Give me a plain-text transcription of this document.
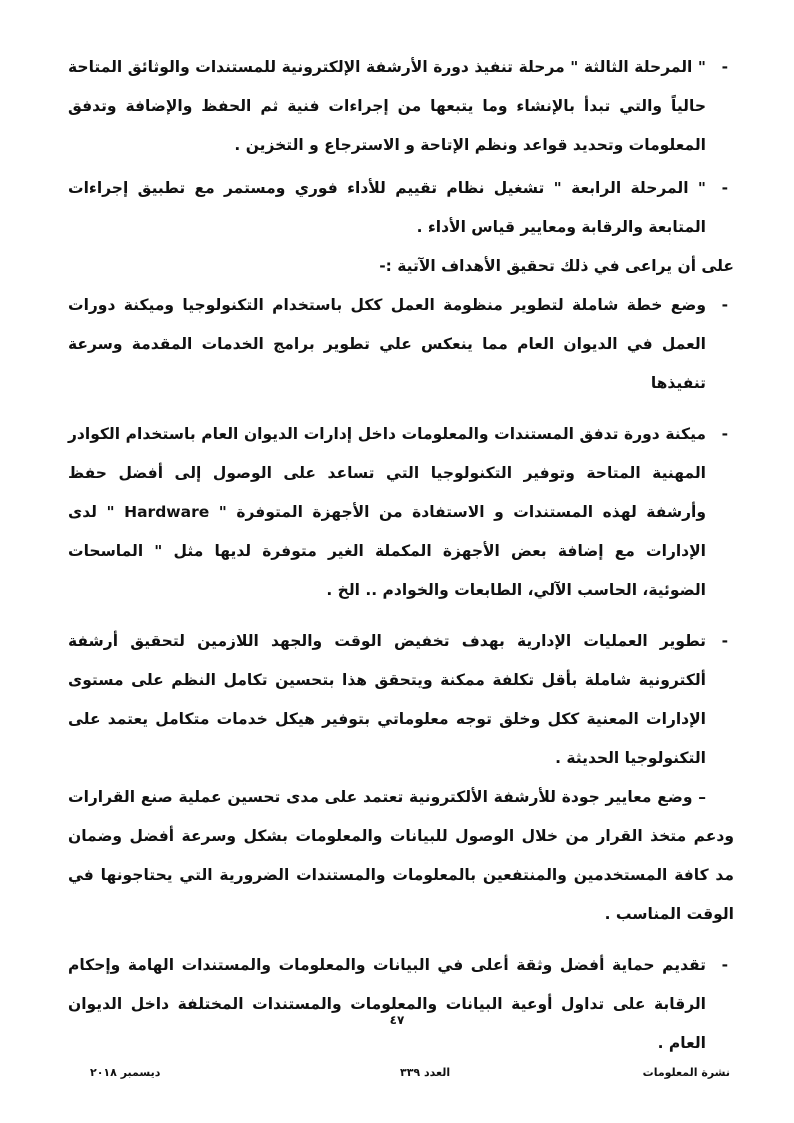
-
" المرحلة الثالثة " مرحلة تنفيذ دورة الأرشفة الإلكترونية للمستندات والوثائق المتاحة حالياً والتي تبدأ بالإنشاء وما يتبعها من إجراءات فنية ثم الحفظ والإضافة وتدفق المعلومات وتحديد قواعد ونظم الإتاحة و الاسترجاع و التخزين .
-
" المرحلة الرابعة " تشغيل نظام تقييم للأداء فوري ومستمر مع تطبيق إجراءات المتابعة والرقابة ومعايير قياس الأداء .
على أن يراعى في ذلك تحقيق الأهداف الآتية :-
-
وضع خطة شاملة لتطوير منظومة العمل ككل باستخدام التكنولوجيا وميكنة دورات العمل في الديوان العام مما ينعكس علي تطوير برامج الخدمات المقدمة وسرعة تنفيذها
-
ميكنة دورة تدفق المستندات والمعلومات داخل إدارات الديوان العام باستخدام الكوادر المهنية المتاحة وتوفير التكنولوجيا التي تساعد على الوصول إلى أفضل حفظ وأرشفة لهذه المستندات و الاستفادة من الأجهزة المتوفرة " Hardware " لدى الإدارات مع إضافة بعض الأجهزة المكملة الغير متوفرة لديها مثل " الماسحات الضوئية، الحاسب الآلي، الطابعات والخوادم .. الخ .
-
تطوير العمليات الإدارية بهدف تخفيض الوقت والجهد اللازمين لتحقيق أرشفة ألكترونية شاملة بأقل تكلفة ممكنة ويتحقق هذا بتحسين تكامل النظم على مستوى الإدارات المعنية ككل وخلق توجه معلوماتي بتوفير هيكل خدمات متكامل يعتمد على التكنولوجيا الحديثة .
– وضع معايير جودة للأرشفة الألكترونية تعتمد على مدى تحسين عملية صنع القرارات ودعم متخذ القرار من خلال الوصول للبيانات والمعلومات بشكل وسرعة أفضل وضمان مد كافة المستخدمين والمنتفعين بالمعلومات والمستندات الضرورية التي يحتاجونها في الوقت المناسب .
-
تقديم حماية أفضل وثقة أعلى في البيانات والمعلومات والمستندات الهامة وإحكام الرقابة على تداول أوعية البيانات والمعلومات والمستندات المختلفة داخل الديوان العام .
٤٧
نشرة المعلومات
العدد ٣٣٩
ديسمبر ٢٠١٨
